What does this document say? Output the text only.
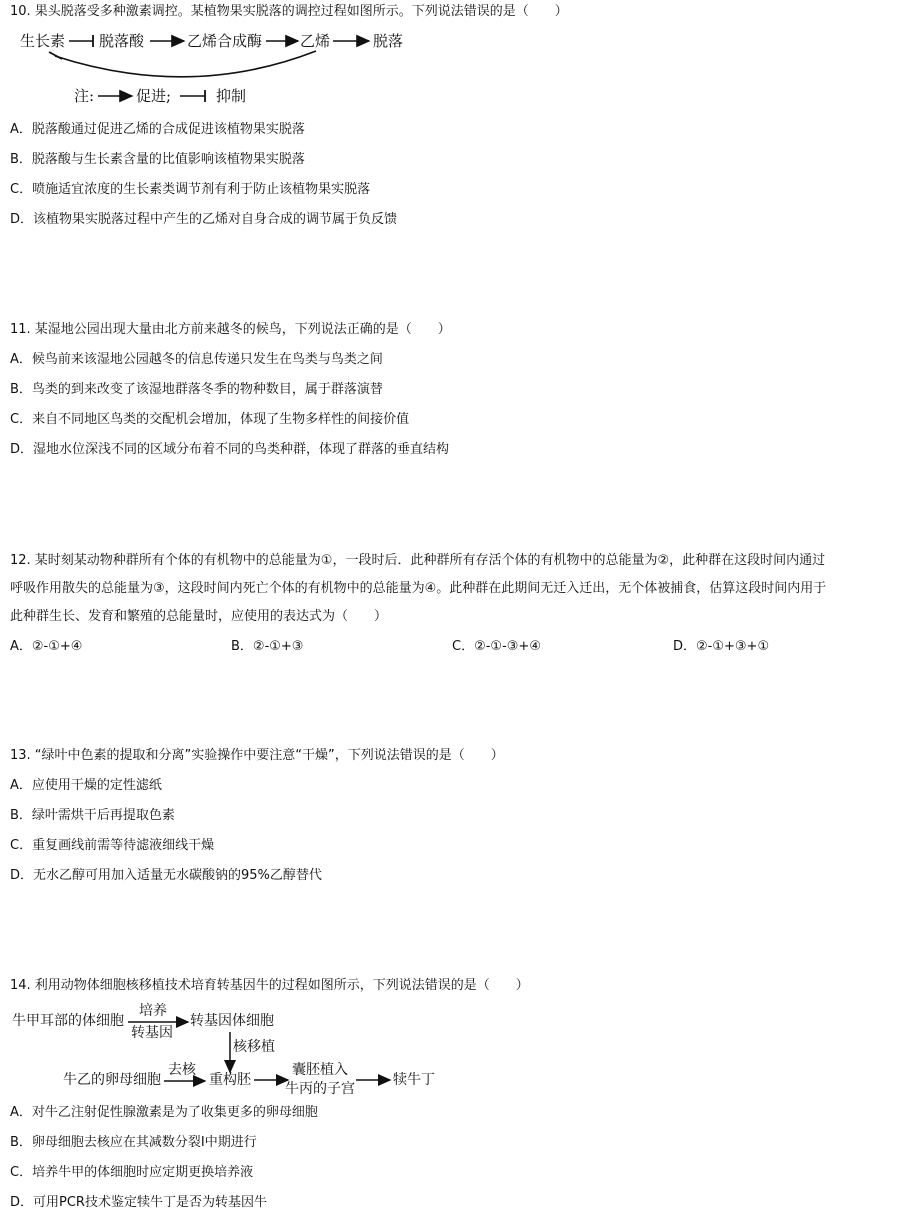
10. 果头脱落受多种激素调控。某植物果实脱落的调控过程如图所示。下列说法错误的是（　　）
生长素 脱落酸	乙烯合成酶	乙烯	脱落
注:	促进;	抑制
A．脱落酸通过促进乙烯的合成促进该植物果实脱落
B．脱落酸与生长素含量的比值影响该植物果实脱落
C．喷施适宜浓度的生长素类调节剂有利于防止该植物果实脱落
D．该植物果实脱落过程中产生的乙烯对自身合成的调节属于负反馈
11. 某湿地公园出现大量由北方前来越冬的候鸟，下列说法正确的是（　　）
A．候鸟前来该湿地公园越冬的信息传递只发生在鸟类与鸟类之间
B．鸟类的到来改变了该湿地群落冬季的物种数目，属于群落演替
C．来自不同地区鸟类的交配机会增加，体现了生物多样性的间接价值
D．湿地水位深浅不同的区域分布着不同的鸟类种群，体现了群落的垂直结构
12. 某时刻某动物种群所有个体的有机物中的总能量为①，一段时后．此种群所有存活个体的有机物中的总能量为②，此种群在这段时间内通过
呼吸作用散失的总能量为③，这段时间内死亡个体的有机物中的总能量为④。此种群在此期间无迁入迁出，无个体被捕食，估算这段时间内用于
此种群生长、发育和繁殖的总能量时，应使用的表达式为（　　）
A．②-①+④	B．②-①+③	C．②-①-③+④	D．②-①+③+①
13. “绿叶中色素的提取和分离”实验操作中要注意“干燥”，下列说法错误的是（　　）
A．应使用干燥的定性滤纸
B．绿叶需烘干后再提取色素
C．重复画线前需等待滤液细线干燥
D．无水乙醇可用加入适量无水碳酸钠的95%乙醇替代
14. 利用动物体细胞核移植技术培育转基因牛的过程如图所示，下列说法错误的是（　　）
牛甲耳部的体细胞
培养
转基因
转基因体细胞
核移植
牛乙的卵母细胞
去核
重构胚
囊胚植入
牛丙的子宫
犊牛丁
A．对牛乙注射促性腺激素是为了收集更多的卵母细胞
B．卵母细胞去核应在其减数分裂Ⅰ中期进行
C．培养牛甲的体细胞时应定期更换培养液
D．可用PCR技术鉴定犊牛丁是否为转基因牛
